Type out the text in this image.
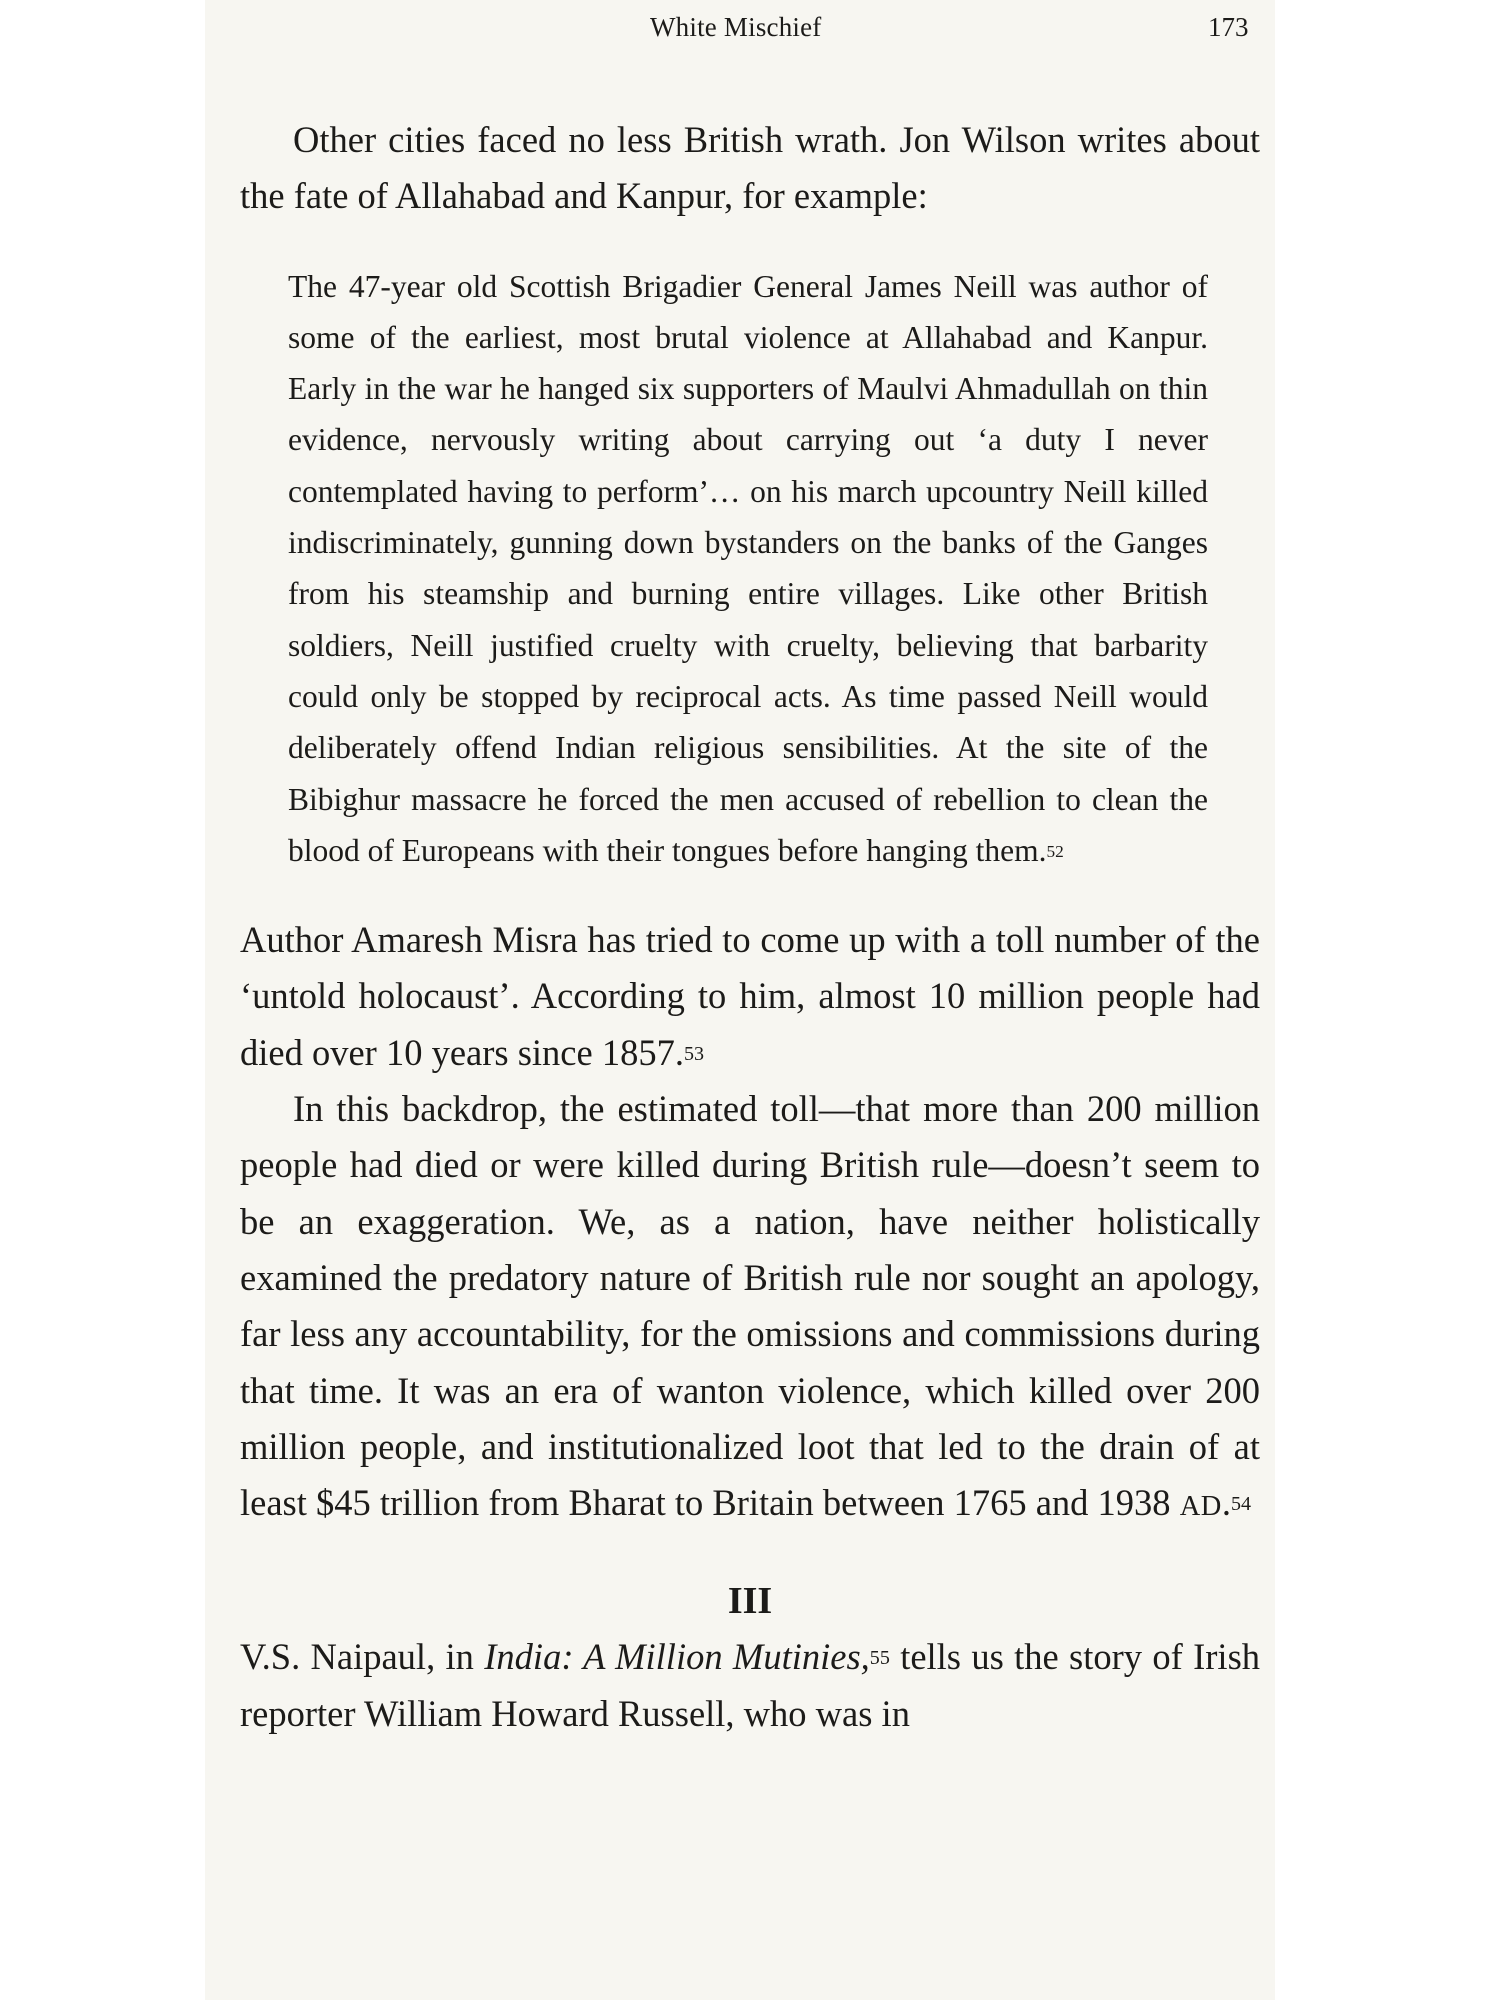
White Mischief	173

Other cities faced no less British wrath. Jon Wilson writes about the fate of Allahabad and Kanpur, for example:

The 47-year old Scottish Brigadier General James Neill was author of some of the earliest, most brutal violence at Allahabad and Kanpur. Early in the war he hanged six supporters of Maulvi Ahmadullah on thin evidence, nervously writing about carrying out ‘a duty I never contemplated having to perform’… on his march upcountry Neill killed indiscriminately, gunning down bystanders on the banks of the Ganges from his steamship and burning entire villages. Like other British soldiers, Neill justified cruelty with cruelty, believing that barbarity could only be stopped by reciprocal acts. As time passed Neill would deliberately offend Indian religious sensibilities. At the site of the Bibighur massacre he forced the men accused of rebellion to clean the blood of Europeans with their tongues before hanging them.$^{52}$

Author Amaresh Misra has tried to come up with a toll number of the ‘untold holocaust’. According to him, almost 10 million people had died over 10 years since 1857.53

In this backdrop, the estimated toll—that more than 200 million people had died or were killed during British rule—doesn’t seem to be an exaggeration. We, as a nation, have neither holistically examined the predatory nature of British rule nor sought an apology, far less any accountability, for the omissions and commissions during that time. It was an era of wanton violence, which killed over 200 million people, and institutionalized loot that led to the drain of at least $45 trillion from Bharat to Britain between 1765 and 1938 AD.$^{54}$

III

V.S. Naipaul, in India: A Million Mutinies,$^{55}$ tells us the story of Irish reporter William Howard Russell, who was in
